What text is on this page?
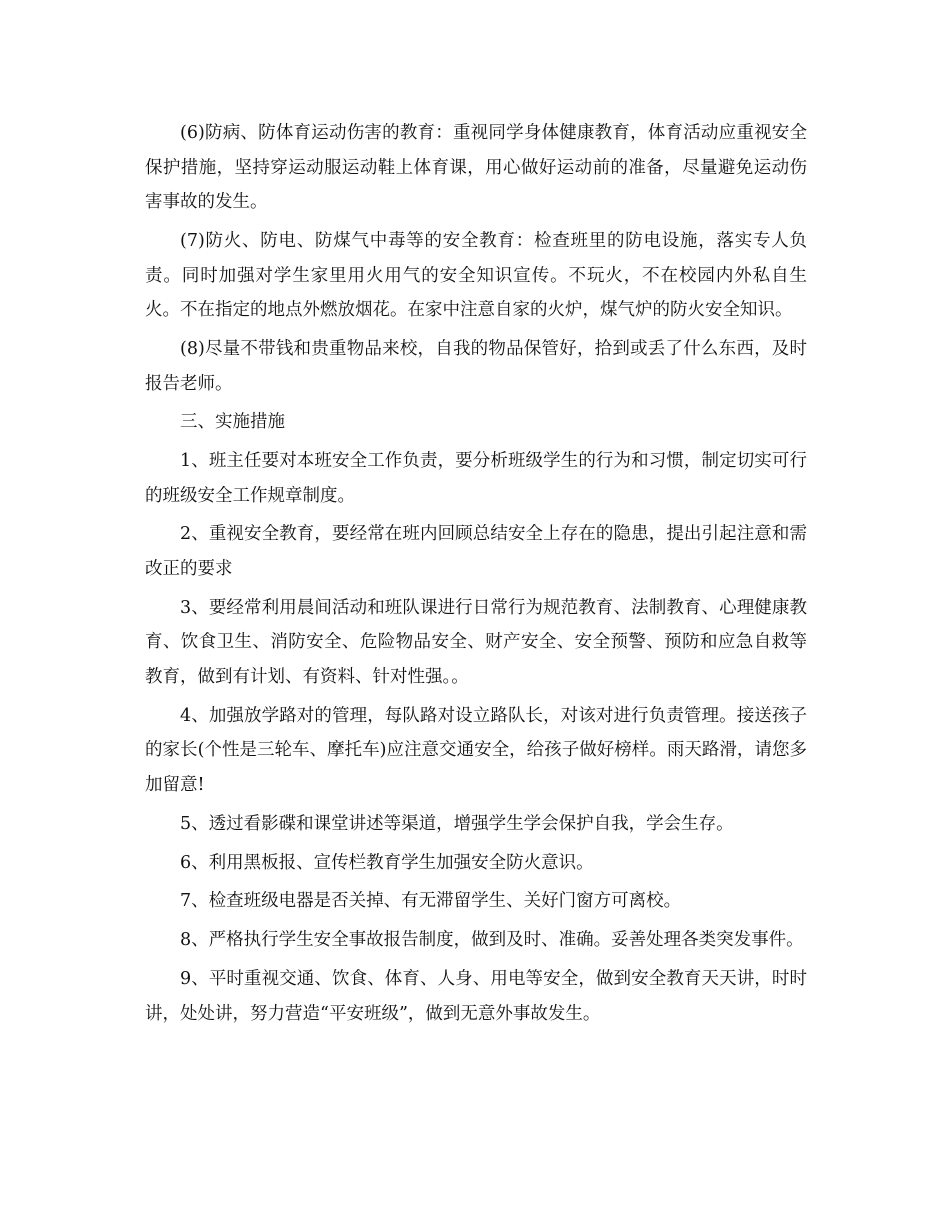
(6)防病、防体育运动伤害的教育：重视同学身体健康教育，体育活动应重视安全保护措施，坚持穿运动服运动鞋上体育课，用心做好运动前的准备，尽量避免运动伤害事故的发生。

(7)防火、防电、防煤气中毒等的安全教育：检查班里的防电设施，落实专人负责。同时加强对学生家里用火用气的安全知识宣传。不玩火，不在校园内外私自生火。不在指定的地点外燃放烟花。在家中注意自家的火炉，煤气炉的防火安全知识。

(8)尽量不带钱和贵重物品来校，自我的物品保管好，拾到或丢了什么东西，及时报告老师。

三、实施措施

1、班主任要对本班安全工作负责，要分析班级学生的行为和习惯，制定切实可行的班级安全工作规章制度。

2、重视安全教育，要经常在班内回顾总结安全上存在的隐患，提出引起注意和需改正的要求

3、要经常利用晨间活动和班队课进行日常行为规范教育、法制教育、心理健康教育、饮食卫生、消防安全、危险物品安全、财产安全、安全预警、预防和应急自救等教育，做到有计划、有资料、针对性强。。

4、加强放学路对的管理，每队路对设立路队长，对该对进行负责管理。接送孩子的家长(个性是三轮车、摩托车)应注意交通安全，给孩子做好榜样。雨天路滑，请您多加留意!

5、透过看影碟和课堂讲述等渠道，增强学生学会保护自我，学会生存。

6、利用黑板报、宣传栏教育学生加强安全防火意识。

7、检查班级电器是否关掉、有无滞留学生、关好门窗方可离校。

8、严格执行学生安全事故报告制度，做到及时、准确。妥善处理各类突发事件。

9、平时重视交通、饮食、体育、人身、用电等安全，做到安全教育天天讲，时时讲，处处讲，努力营造“平安班级”，做到无意外事故发生。
